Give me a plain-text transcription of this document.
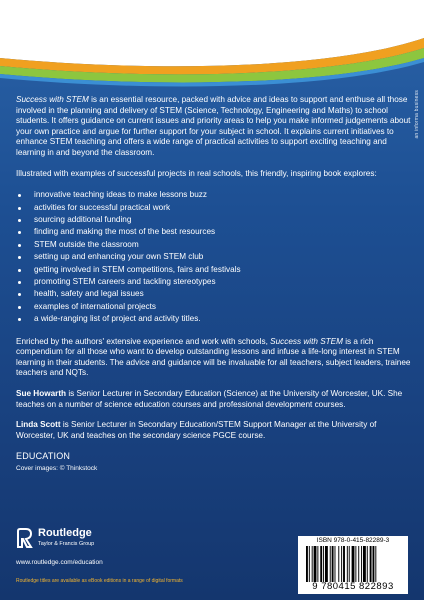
an informa business

Success with STEM is an essential resource, packed with advice and ideas to support and enthuse all those involved in the planning and delivery of STEM (Science, Technology, Engineering and Maths) to school students. It offers guidance on current issues and priority areas to help you make informed judgements about your own practice and argue for further support for your subject in school. It explains current initiatives to enhance STEM teaching and offers a wide range of practical activities to support exciting teaching and learning in and beyond the classroom.

Illustrated with examples of successful projects in real schools, this friendly, inspiring book explores:

innovative teaching ideas to make lessons buzz
activities for successful practical work
sourcing additional funding
finding and making the most of the best resources
STEM outside the classroom
setting up and enhancing your own STEM club
getting involved in STEM competitions, fairs and festivals
promoting STEM careers and tackling stereotypes
health, safety and legal issues
examples of international projects
a wide-ranging list of project and activity titles.

Enriched by the authors' extensive experience and work with schools, Success with STEM is a rich compendium for all those who want to develop outstanding lessons and infuse a life-long interest in STEM learning in their students. The advice and guidance will be invaluable for all teachers, subject leaders, trainee teachers and NQTs.

Sue Howarth is Senior Lecturer in Secondary Education (Science) at the University of Worcester, UK. She teaches on a number of science education courses and professional development courses.

Linda Scott is Senior Lecturer in Secondary Education/STEM Support Manager at the University of Worcester, UK and teaches on the secondary science PGCE course.

EDUCATION
Cover images: © Thinkstock
Routledge
Taylor & Francis Group
www.routledge.com/education
Routledge titles are available as eBook editions in a range of digital formats
ISBN 978-0-415-82289-3
9 780415 822893
